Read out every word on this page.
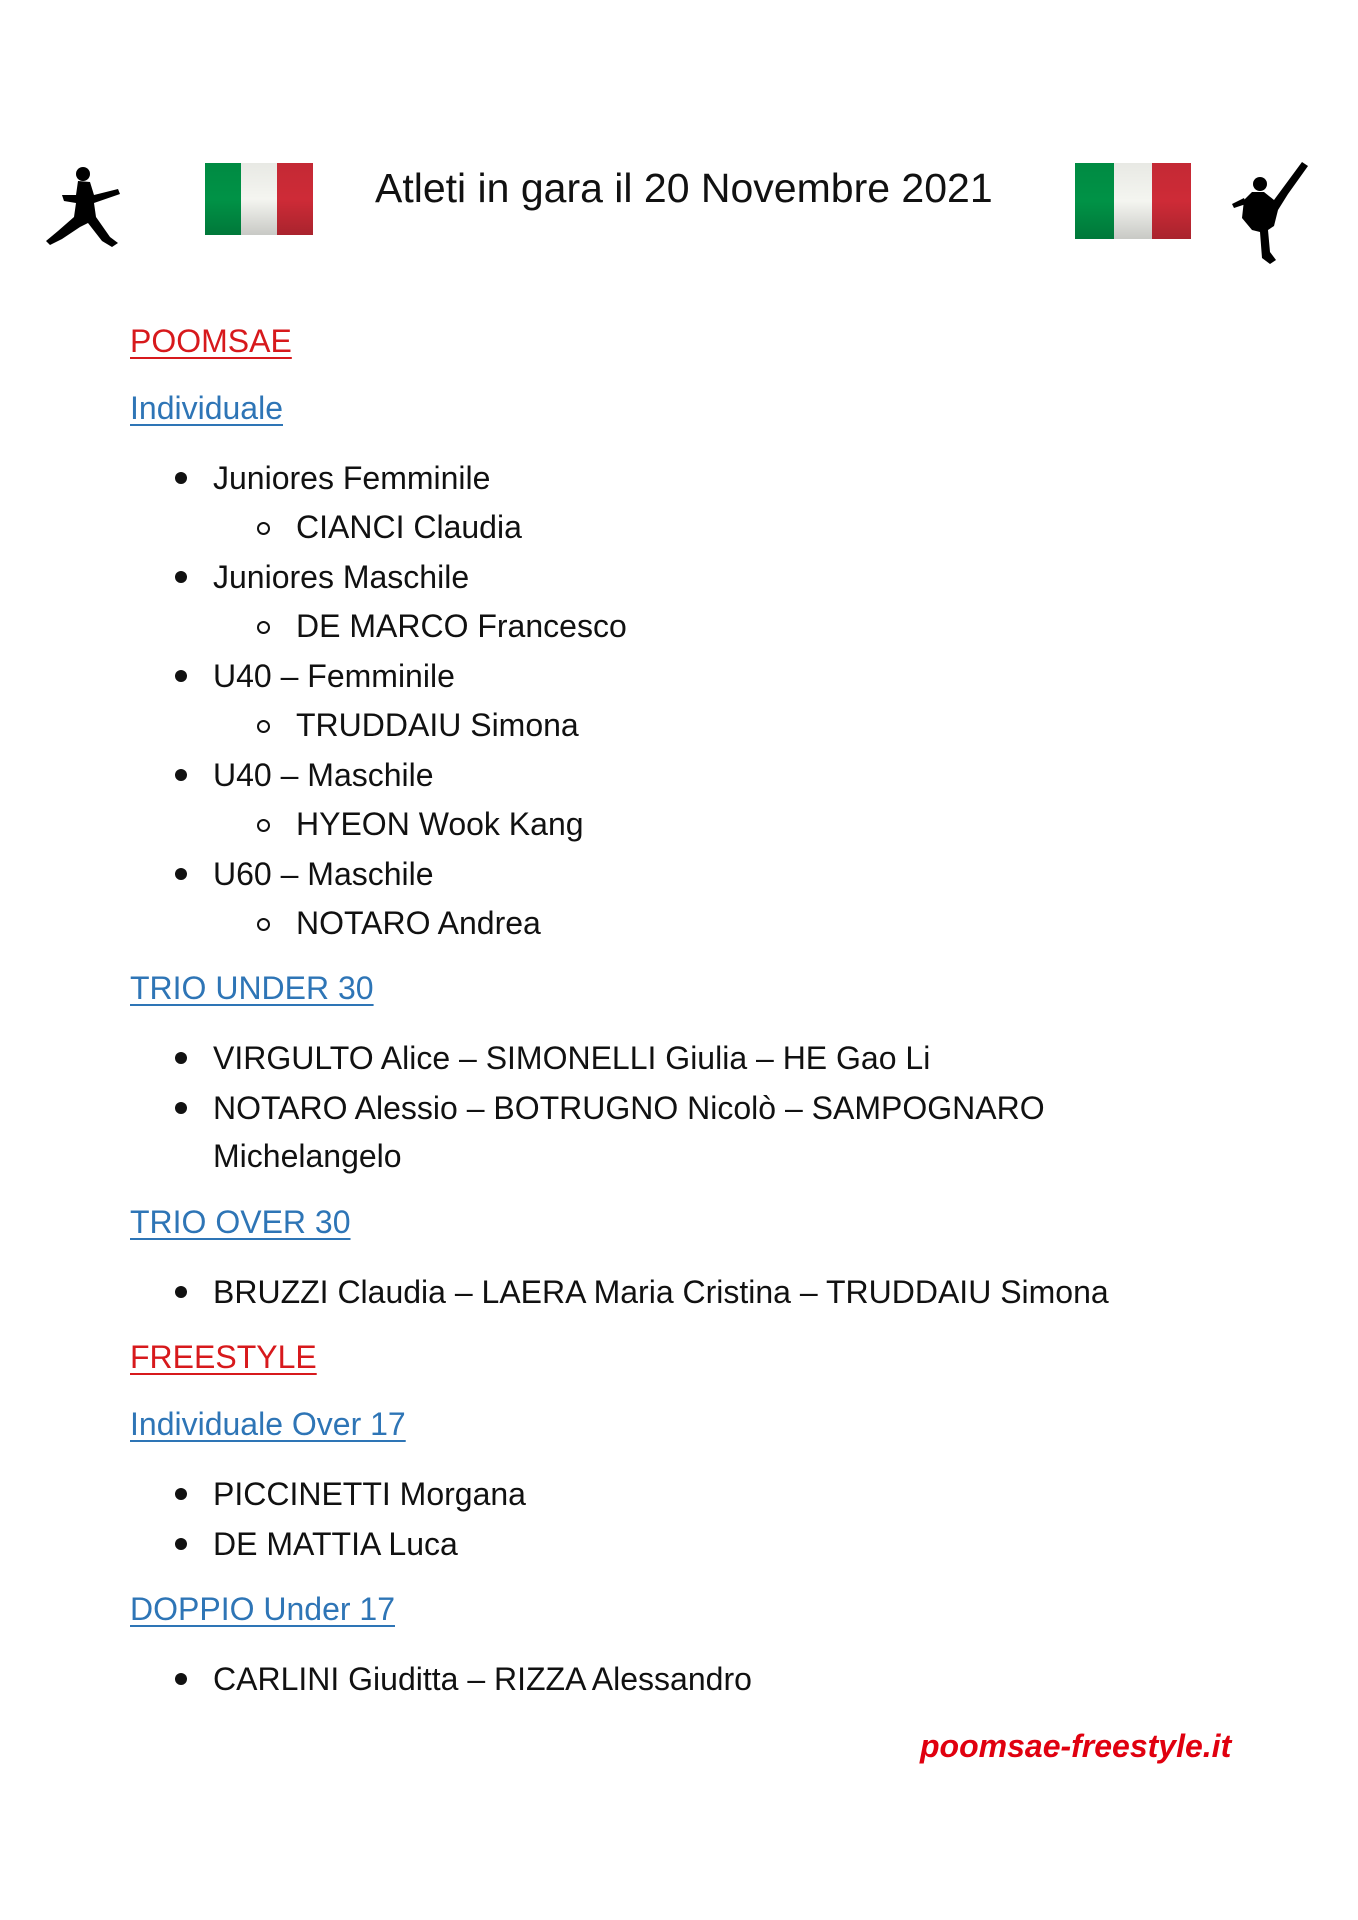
Atleti in gara il 20 Novembre 2021
POOMSAE
Individuale
Juniores Femminile
CIANCI Claudia
Juniores Maschile
DE MARCO Francesco
U40 – Femminile
TRUDDAIU Simona
U40 – Maschile
HYEON Wook Kang
U60 – Maschile
NOTARO Andrea
TRIO UNDER 30
VIRGULTO Alice – SIMONELLI Giulia – HE Gao Li
NOTARO Alessio – BOTRUGNO Nicolò – SAMPOGNARO
Michelangelo
TRIO OVER 30
BRUZZI Claudia – LAERA Maria Cristina – TRUDDAIU Simona
FREESTYLE
Individuale Over 17
PICCINETTI Morgana
DE MATTIA Luca
DOPPIO Under 17
CARLINI Giuditta – RIZZA Alessandro
poomsae-freestyle.it
